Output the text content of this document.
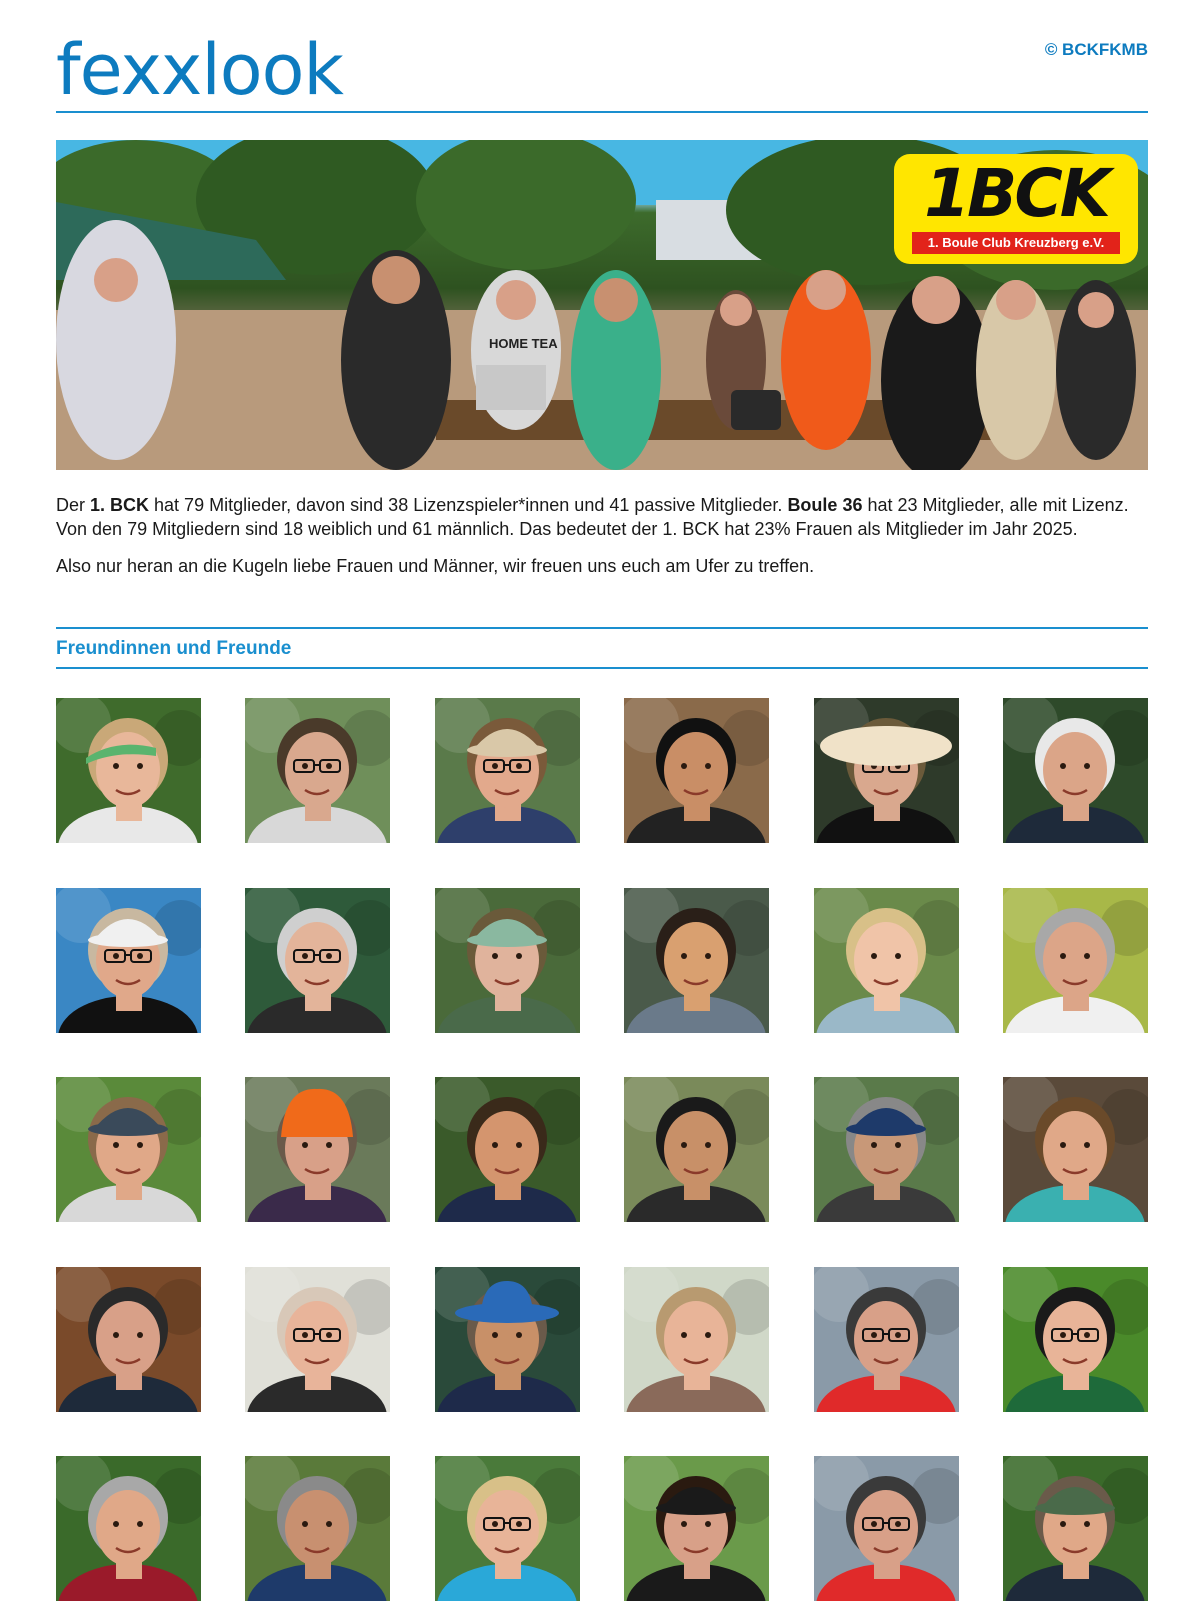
fexxlook	© BCKFKMB
1BCK
1. Boule Club Kreuzberg e.V.
HOME TEA

Der 1. BCK hat 79 Mitglieder, davon sind 38 Lizenzspieler*innen und 41 passive Mitglieder. Boule 36 hat 23 Mitglieder, alle mit Lizenz. Von den 79 Mitgliedern sind 18 weiblich und 61 männlich. Das bedeutet der 1. BCK hat 23% Frauen als Mitglieder im Jahr 2025.

Also nur heran an die Kugeln liebe Frauen und Männer, wir freuen uns euch am Ufer zu treffen.

Freundinnen und Freunde
